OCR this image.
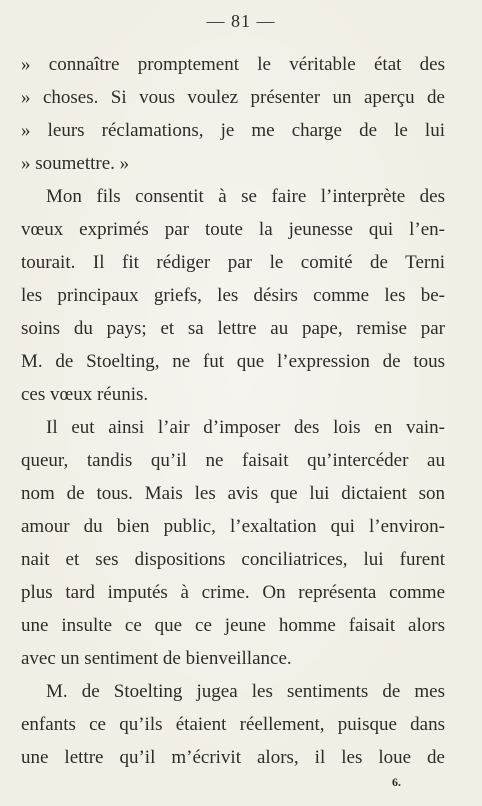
— 81 —
» connaître promptement le véritable état des
» choses. Si vous voulez présenter un aperçu de
» leurs réclamations, je me charge de le lui
» soumettre. »
Mon fils consentit à se faire l’interprète des
vœux exprimés par toute la jeunesse qui l’en-
tourait. Il fit rédiger par le comité de Terni
les principaux griefs, les désirs comme les be-
soins du pays; et sa lettre au pape, remise par
M. de Stoelting, ne fut que l’expression de tous
ces vœux réunis.
Il eut ainsi l’air d’imposer des lois en vain-
queur, tandis qu’il ne faisait qu’intercéder au
nom de tous. Mais les avis que lui dictaient son
amour du bien public, l’exaltation qui l’environ-
nait et ses dispositions conciliatrices, lui furent
plus tard imputés à crime. On représenta comme
une insulte ce que ce jeune homme faisait alors
avec un sentiment de bienveillance.
M. de Stoelting jugea les sentiments de mes
enfants ce qu’ils étaient réellement, puisque dans
une lettre qu’il m’écrivit alors, il les loue de
6.
